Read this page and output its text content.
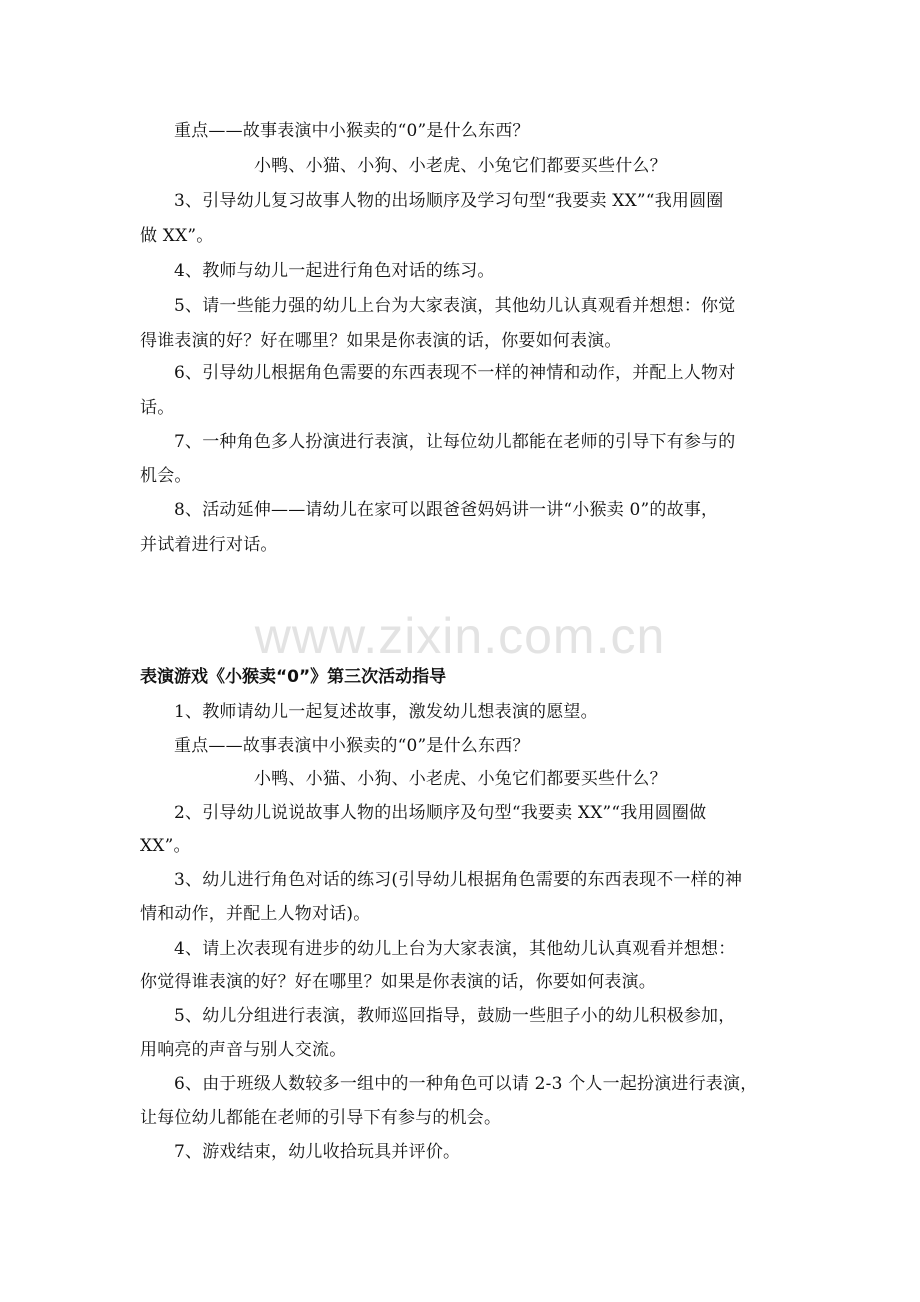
重点——故事表演中小猴卖的“0”是什么东西？
小鸭、小猫、小狗、小老虎、小兔它们都要买些什么？
3、引导幼儿复习故事人物的出场顺序及学习句型“我要卖 XX”“我用圆圈
做 XX”。
4、教师与幼儿一起进行角色对话的练习。
5、请一些能力强的幼儿上台为大家表演，其他幼儿认真观看并想想：你觉
得谁表演的好？好在哪里？如果是你表演的话，你要如何表演。
6、引导幼儿根据角色需要的东西表现不一样的神情和动作，并配上人物对
话。
7、一种角色多人扮演进行表演，让每位幼儿都能在老师的引导下有参与的
机会。
8、活动延伸——请幼儿在家可以跟爸爸妈妈讲一讲“小猴卖 0”的故事，
并试着进行对话。
www.zixin.com.cn
表演游戏《小猴卖“0”》第三次活动指导
1、教师请幼儿一起复述故事，激发幼儿想表演的愿望。
重点——故事表演中小猴卖的“0”是什么东西？
小鸭、小猫、小狗、小老虎、小兔它们都要买些什么？
2、引导幼儿说说故事人物的出场顺序及句型“我要卖 XX”“我用圆圈做
XX”。
3、幼儿进行角色对话的练习(引导幼儿根据角色需要的东西表现不一样的神
情和动作，并配上人物对话)。
4、请上次表现有进步的幼儿上台为大家表演，其他幼儿认真观看并想想：
你觉得谁表演的好？好在哪里？如果是你表演的话，你要如何表演。
5、幼儿分组进行表演，教师巡回指导，鼓励一些胆子小的幼儿积极参加，
用响亮的声音与别人交流。
6、由于班级人数较多一组中的一种角色可以请 2-3 个人一起扮演进行表演，
让每位幼儿都能在老师的引导下有参与的机会。
7、游戏结束，幼儿收拾玩具并评价。
